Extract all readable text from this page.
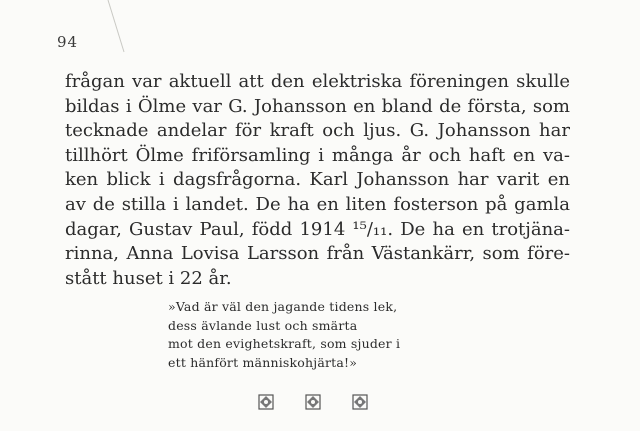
94
frågan var aktuell att den elektriska föreningen skulle
bildas i Ölme var G. Johansson en bland de första, som
tecknade andelar för kraft och ljus. G. Johansson har
tillhört Ölme friförsamling i många år och haft en va-
ken blick i dagsfrågorna. Karl Johansson har varit en
av de stilla i landet. De ha en liten fosterson på gamla
dagar, Gustav Paul, född 1914 ¹⁵/₁₁. De ha en trotjäna-
rinna, Anna Lovisa Larsson från Västankärr, som före-
stått huset i 22 år.
»Vad är väl den jagande tidens lek,
dess ävlande lust och smärta
mot den evighetskraft, som sjuder i
ett hänfört människohjärta!»
